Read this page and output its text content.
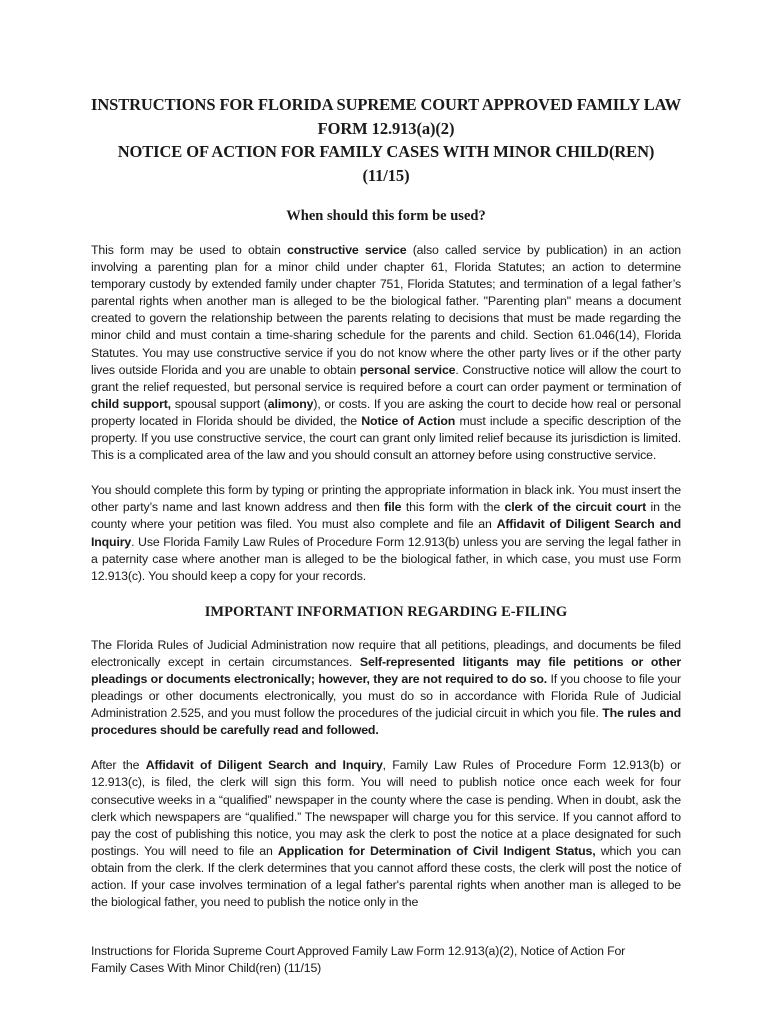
INSTRUCTIONS FOR FLORIDA SUPREME COURT APPROVED FAMILY LAW
FORM 12.913(a)(2)
NOTICE OF ACTION FOR FAMILY CASES WITH MINOR CHILD(REN)
(11/15)
When should this form be used?

This form may be used to obtain constructive service (also called service by publication) in an action involving a parenting plan for a minor child under chapter 61, Florida Statutes; an action to determine temporary custody by extended family under chapter 751, Florida Statutes; and termination of a legal father’s parental rights when another man is alleged to be the biological father. "Parenting plan" means a document created to govern the relationship between the parents relating to decisions that must be made regarding the minor child and must contain a time-sharing schedule for the parents and child. Section 61.046(14), Florida Statutes. You may use constructive service if you do not know where the other party lives or if the other party lives outside Florida and you are unable to obtain personal service. Constructive notice will allow the court to grant the relief requested, but personal service is required before a court can order payment or termination of child support, spousal support (alimony), or costs. If you are asking the court to decide how real or personal property located in Florida should be divided, the Notice of Action must include a specific description of the property. If you use constructive service, the court can grant only limited relief because its jurisdiction is limited. This is a complicated area of the law and you should consult an attorney before using constructive service.

You should complete this form by typing or printing the appropriate information in black ink. You must insert the other party’s name and last known address and then file this form with the clerk of the circuit court in the county where your petition was filed. You must also complete and file an Affidavit of Diligent Search and Inquiry. Use Florida Family Law Rules of Procedure Form 12.913(b) unless you are serving the legal father in a paternity case where another man is alleged to be the biological father, in which case, you must use Form 12.913(c). You should keep a copy for your records.

IMPORTANT INFORMATION REGARDING E-FILING

The Florida Rules of Judicial Administration now require that all petitions, pleadings, and documents be filed electronically except in certain circumstances. Self-represented litigants may file petitions or other pleadings or documents electronically; however, they are not required to do so. If you choose to file your pleadings or other documents electronically, you must do so in accordance with Florida Rule of Judicial Administration 2.525, and you must follow the procedures of the judicial circuit in which you file. The rules and procedures should be carefully read and followed.

After the Affidavit of Diligent Search and Inquiry, Family Law Rules of Procedure Form 12.913(b) or 12.913(c), is filed, the clerk will sign this form. You will need to publish notice once each week for four consecutive weeks in a “qualified” newspaper in the county where the case is pending. When in doubt, ask the clerk which newspapers are “qualified.” The newspaper will charge you for this service. If you cannot afford to pay the cost of publishing this notice, you may ask the clerk to post the notice at a place designated for such postings. You will need to file an Application for Determination of Civil Indigent Status, which you can obtain from the clerk. If the clerk determines that you cannot afford these costs, the clerk will post the notice of action. If your case involves termination of a legal father's parental rights when another man is alleged to be the biological father, you need to publish the notice only in the

Instructions for Florida Supreme Court Approved Family Law Form 12.913(a)(2), Notice of Action For
Family Cases With Minor Child(ren) (11/15)
